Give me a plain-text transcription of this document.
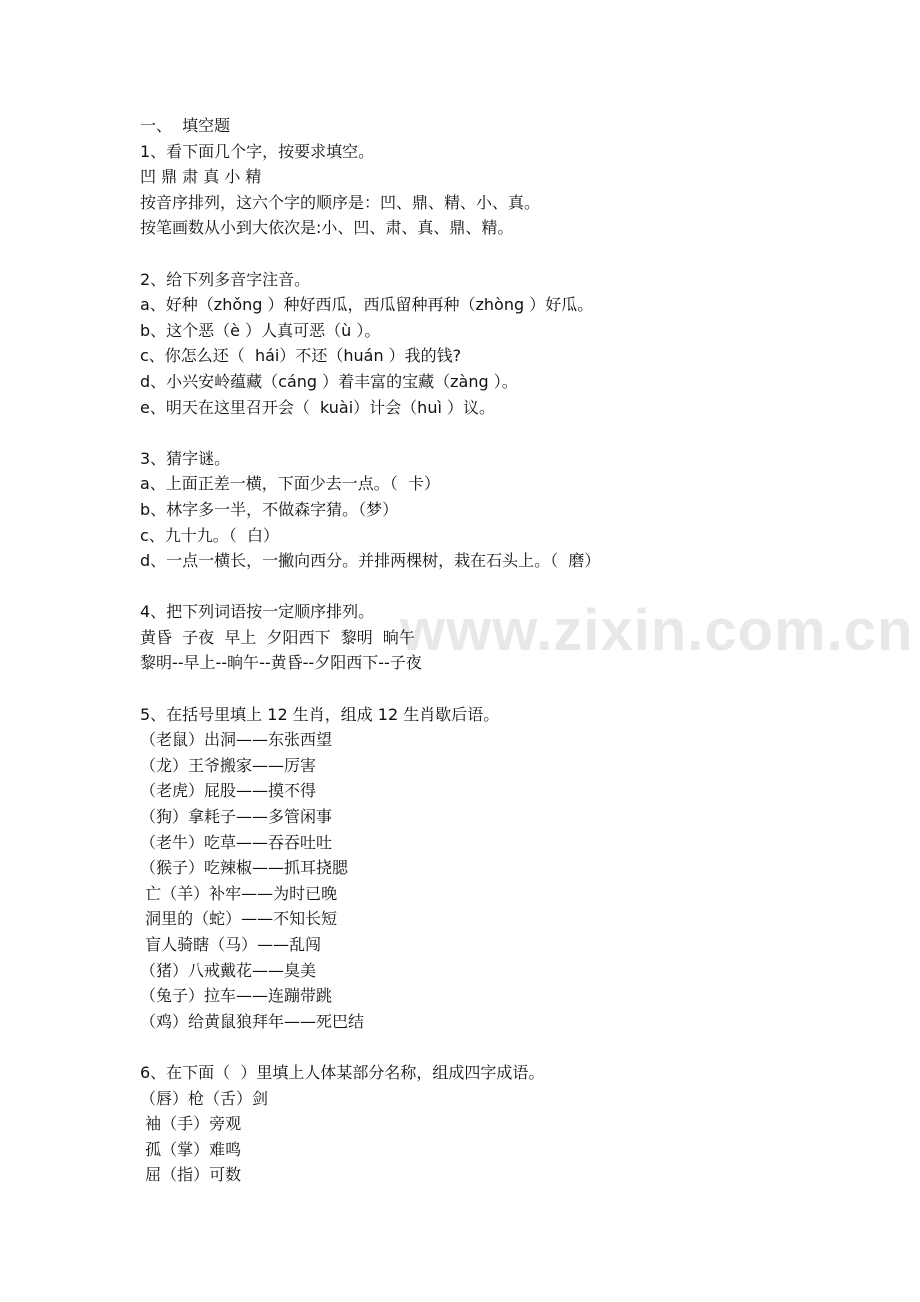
www.zixin.com.cn
一、  填空题
1、看下面几个字，按要求填空。
凹 鼎 肃 真 小 精
按音序排列，这六个字的顺序是：凹、鼎、精、小、真。
按笔画数从小到大依次是:小、凹、肃、真、鼎、精。
2、给下列多音字注音。
a、好种（zhǒng ）种好西瓜，西瓜留种再种（zhòng ）好瓜。
b、这个恶（è ）人真可恶（ù ）。
c、你怎么还（  hái）不还（huán ）我的钱?
d、小兴安岭蕴藏（cáng ）着丰富的宝藏（zàng ）。
e、明天在这里召开会（  kuài）计会（huì ）议。
3、猜字谜。
a、上面正差一横，下面少去一点。（  卡）
b、林字多一半，不做森字猜。（梦）
c、九十九。（  白）
d、一点一横长，一撇向西分。并排两棵树，栽在石头上。（  磨）
4、把下列词语按一定顺序排列。
黄昏  子夜  早上  夕阳西下  黎明  晌午
黎明--早上--晌午--黄昏--夕阳西下--子夜
5、在括号里填上 12 生肖，组成 12 生肖歇后语。
（老鼠）出洞——东张西望
（龙）王爷搬家——厉害
（老虎）屁股——摸不得
（狗）拿耗子——多管闲事
（老牛）吃草——吞吞吐吐
（猴子）吃辣椒——抓耳挠腮
亡（羊）补牢——为时已晚
洞里的（蛇）——不知长短
盲人骑瞎（马）——乱闯
（猪）八戒戴花——臭美
（兔子）拉车——连蹦带跳
（鸡）给黄鼠狼拜年——死巴结
6、在下面（  ）里填上人体某部分名称，组成四字成语。
（唇）枪（舌）剑
袖（手）旁观
孤（掌）难鸣
屈（指）可数
